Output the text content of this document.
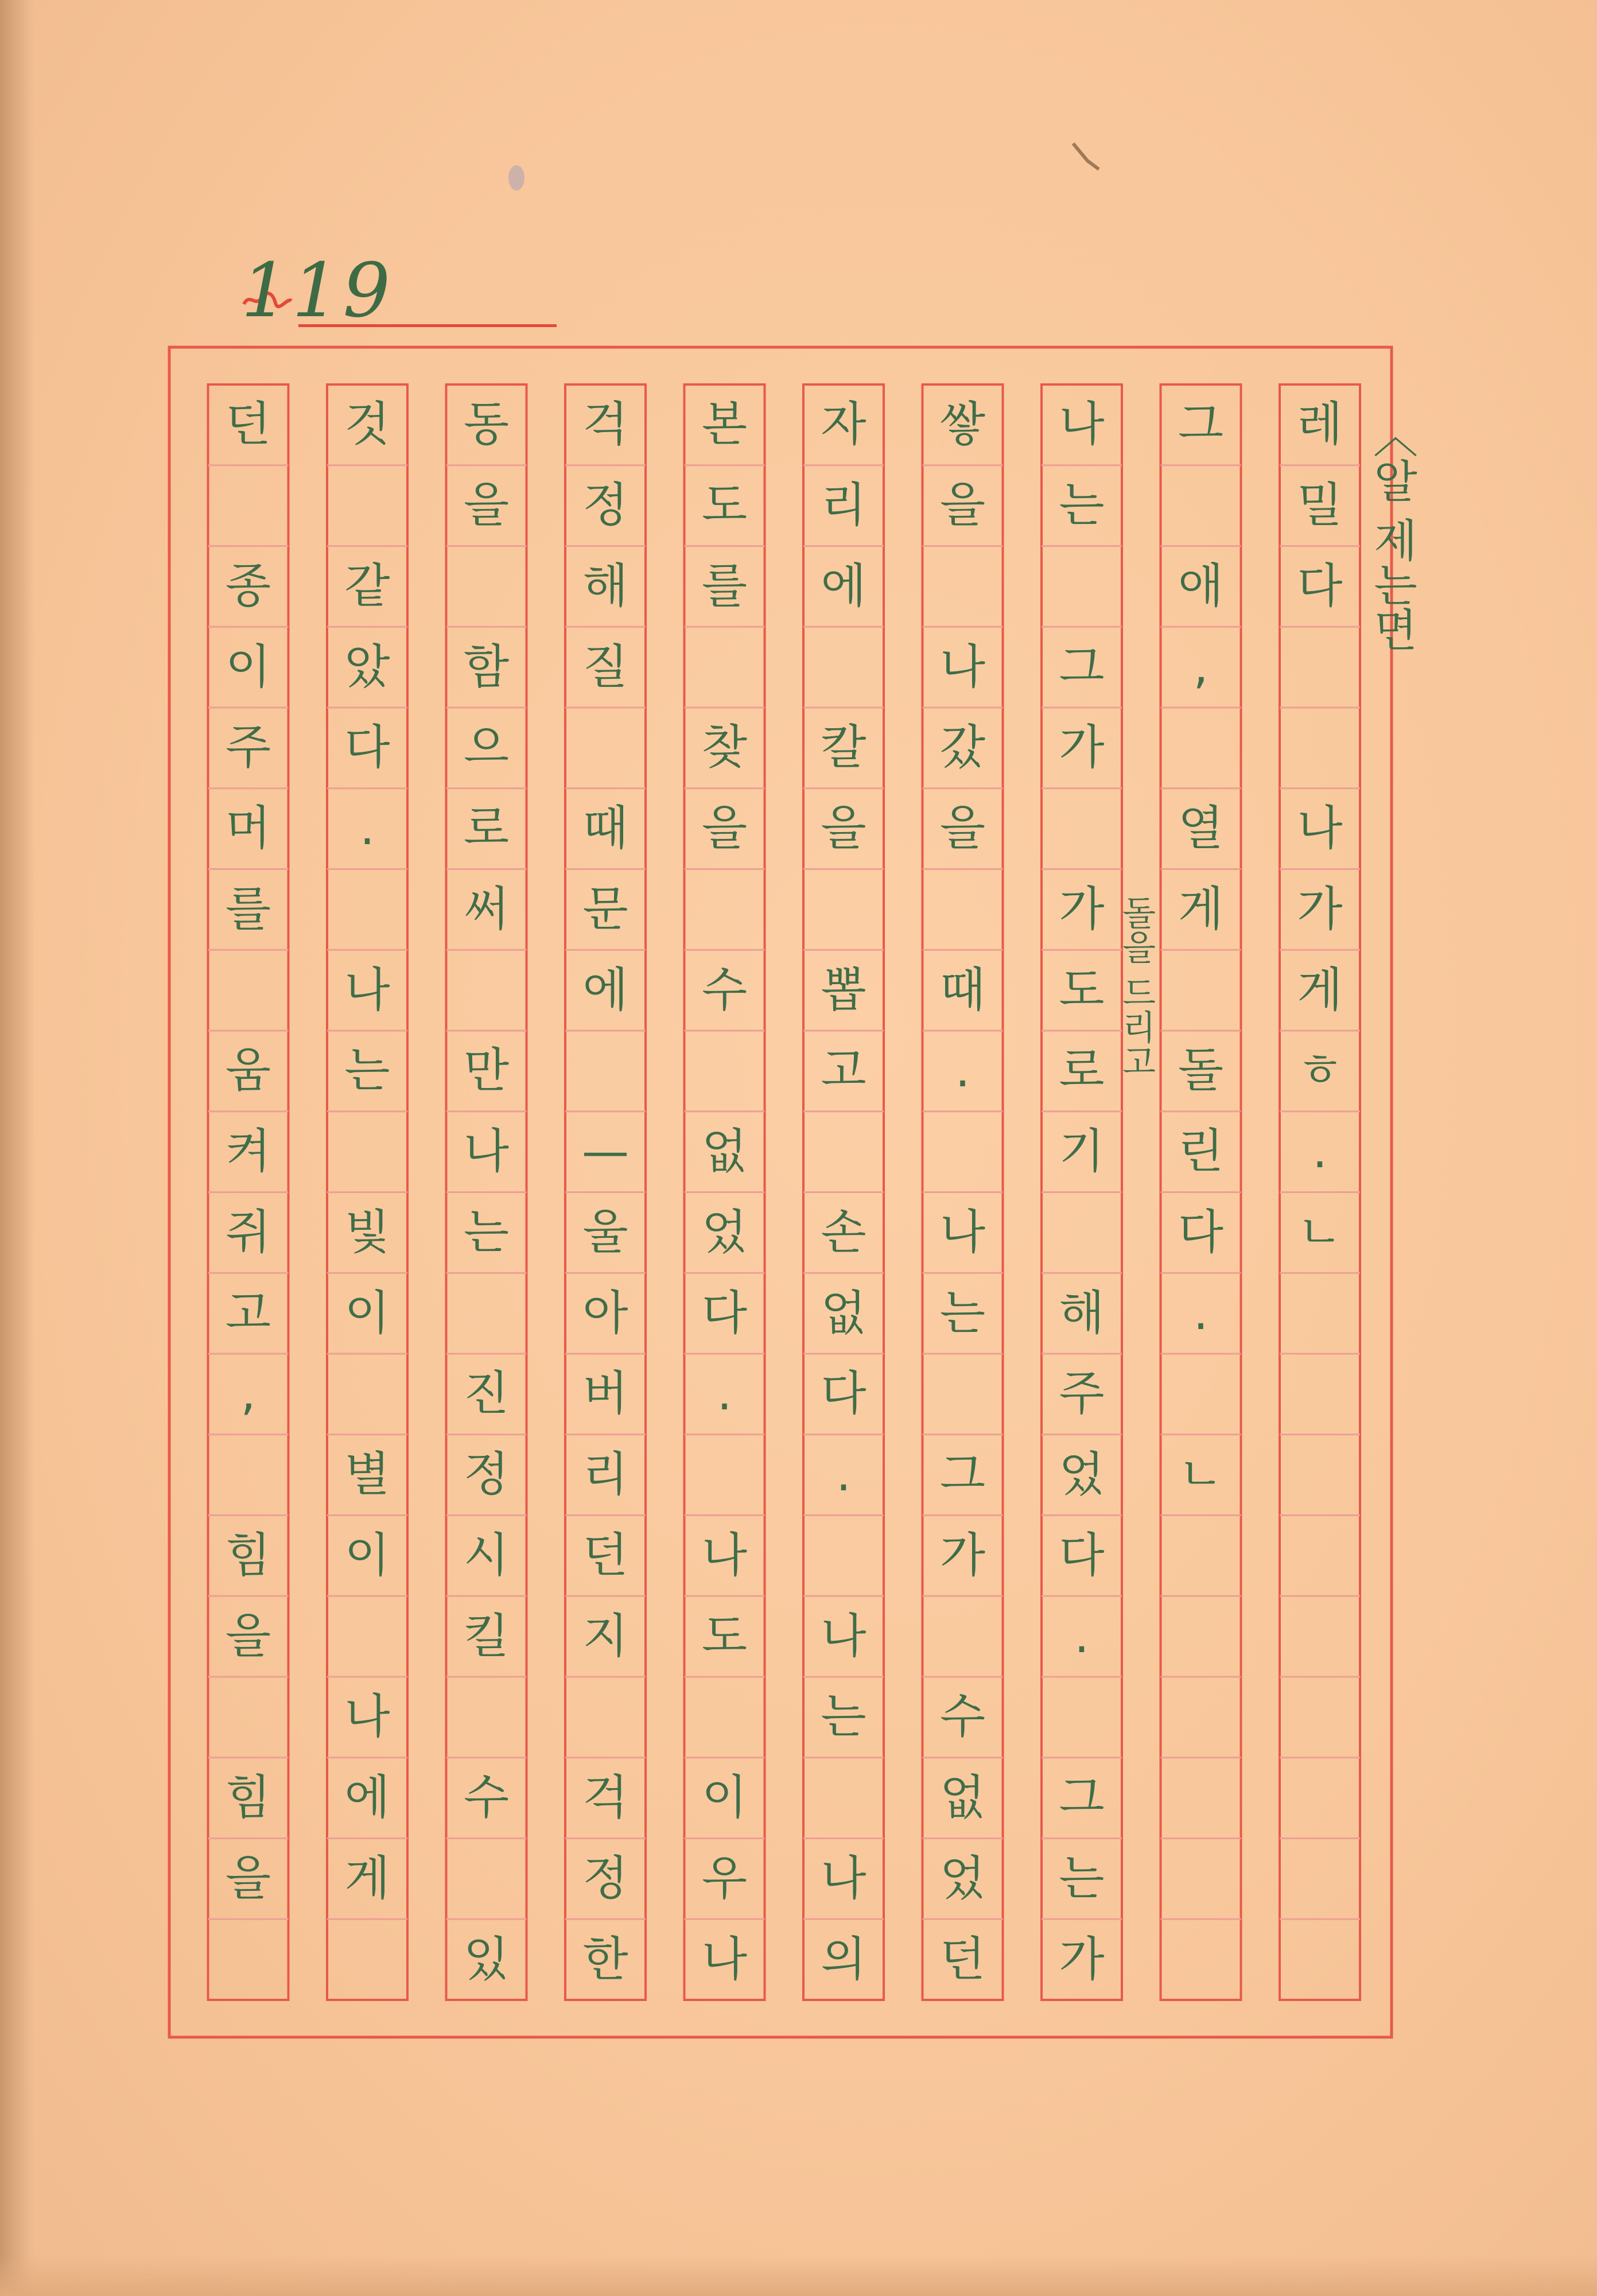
119
레
밀
다
나
가
게
ㅎ
.
ㄴ
그
애
,
열
게
돌
린
다
.
ㄴ
나
는
그
가
가
도
로
기
해
주
었
다
.
그
는
가
쌓
을
나
갔
을
때
.
나
는
그
가
수
없
었
던
자
리
에
칼
을
뽑
고
손
없
다
.
나
는
나
의
본
도
를
찾
을
수
없
었
다
.
나
도
이
우
나
걱
정
해
질
때
문
에
—
울
아
버
리
던
지
걱
정
한
동
을
함
으
로
써
만
나
는
진
정
시
킬
수
있
것
같
았
다
.
나
는
빛
이
별
이
나
에
게
던
종
이
주
머
를
움
켜
쥐
고
,
힘
을
힘
을
〈알 제는면
돌을 드리고
